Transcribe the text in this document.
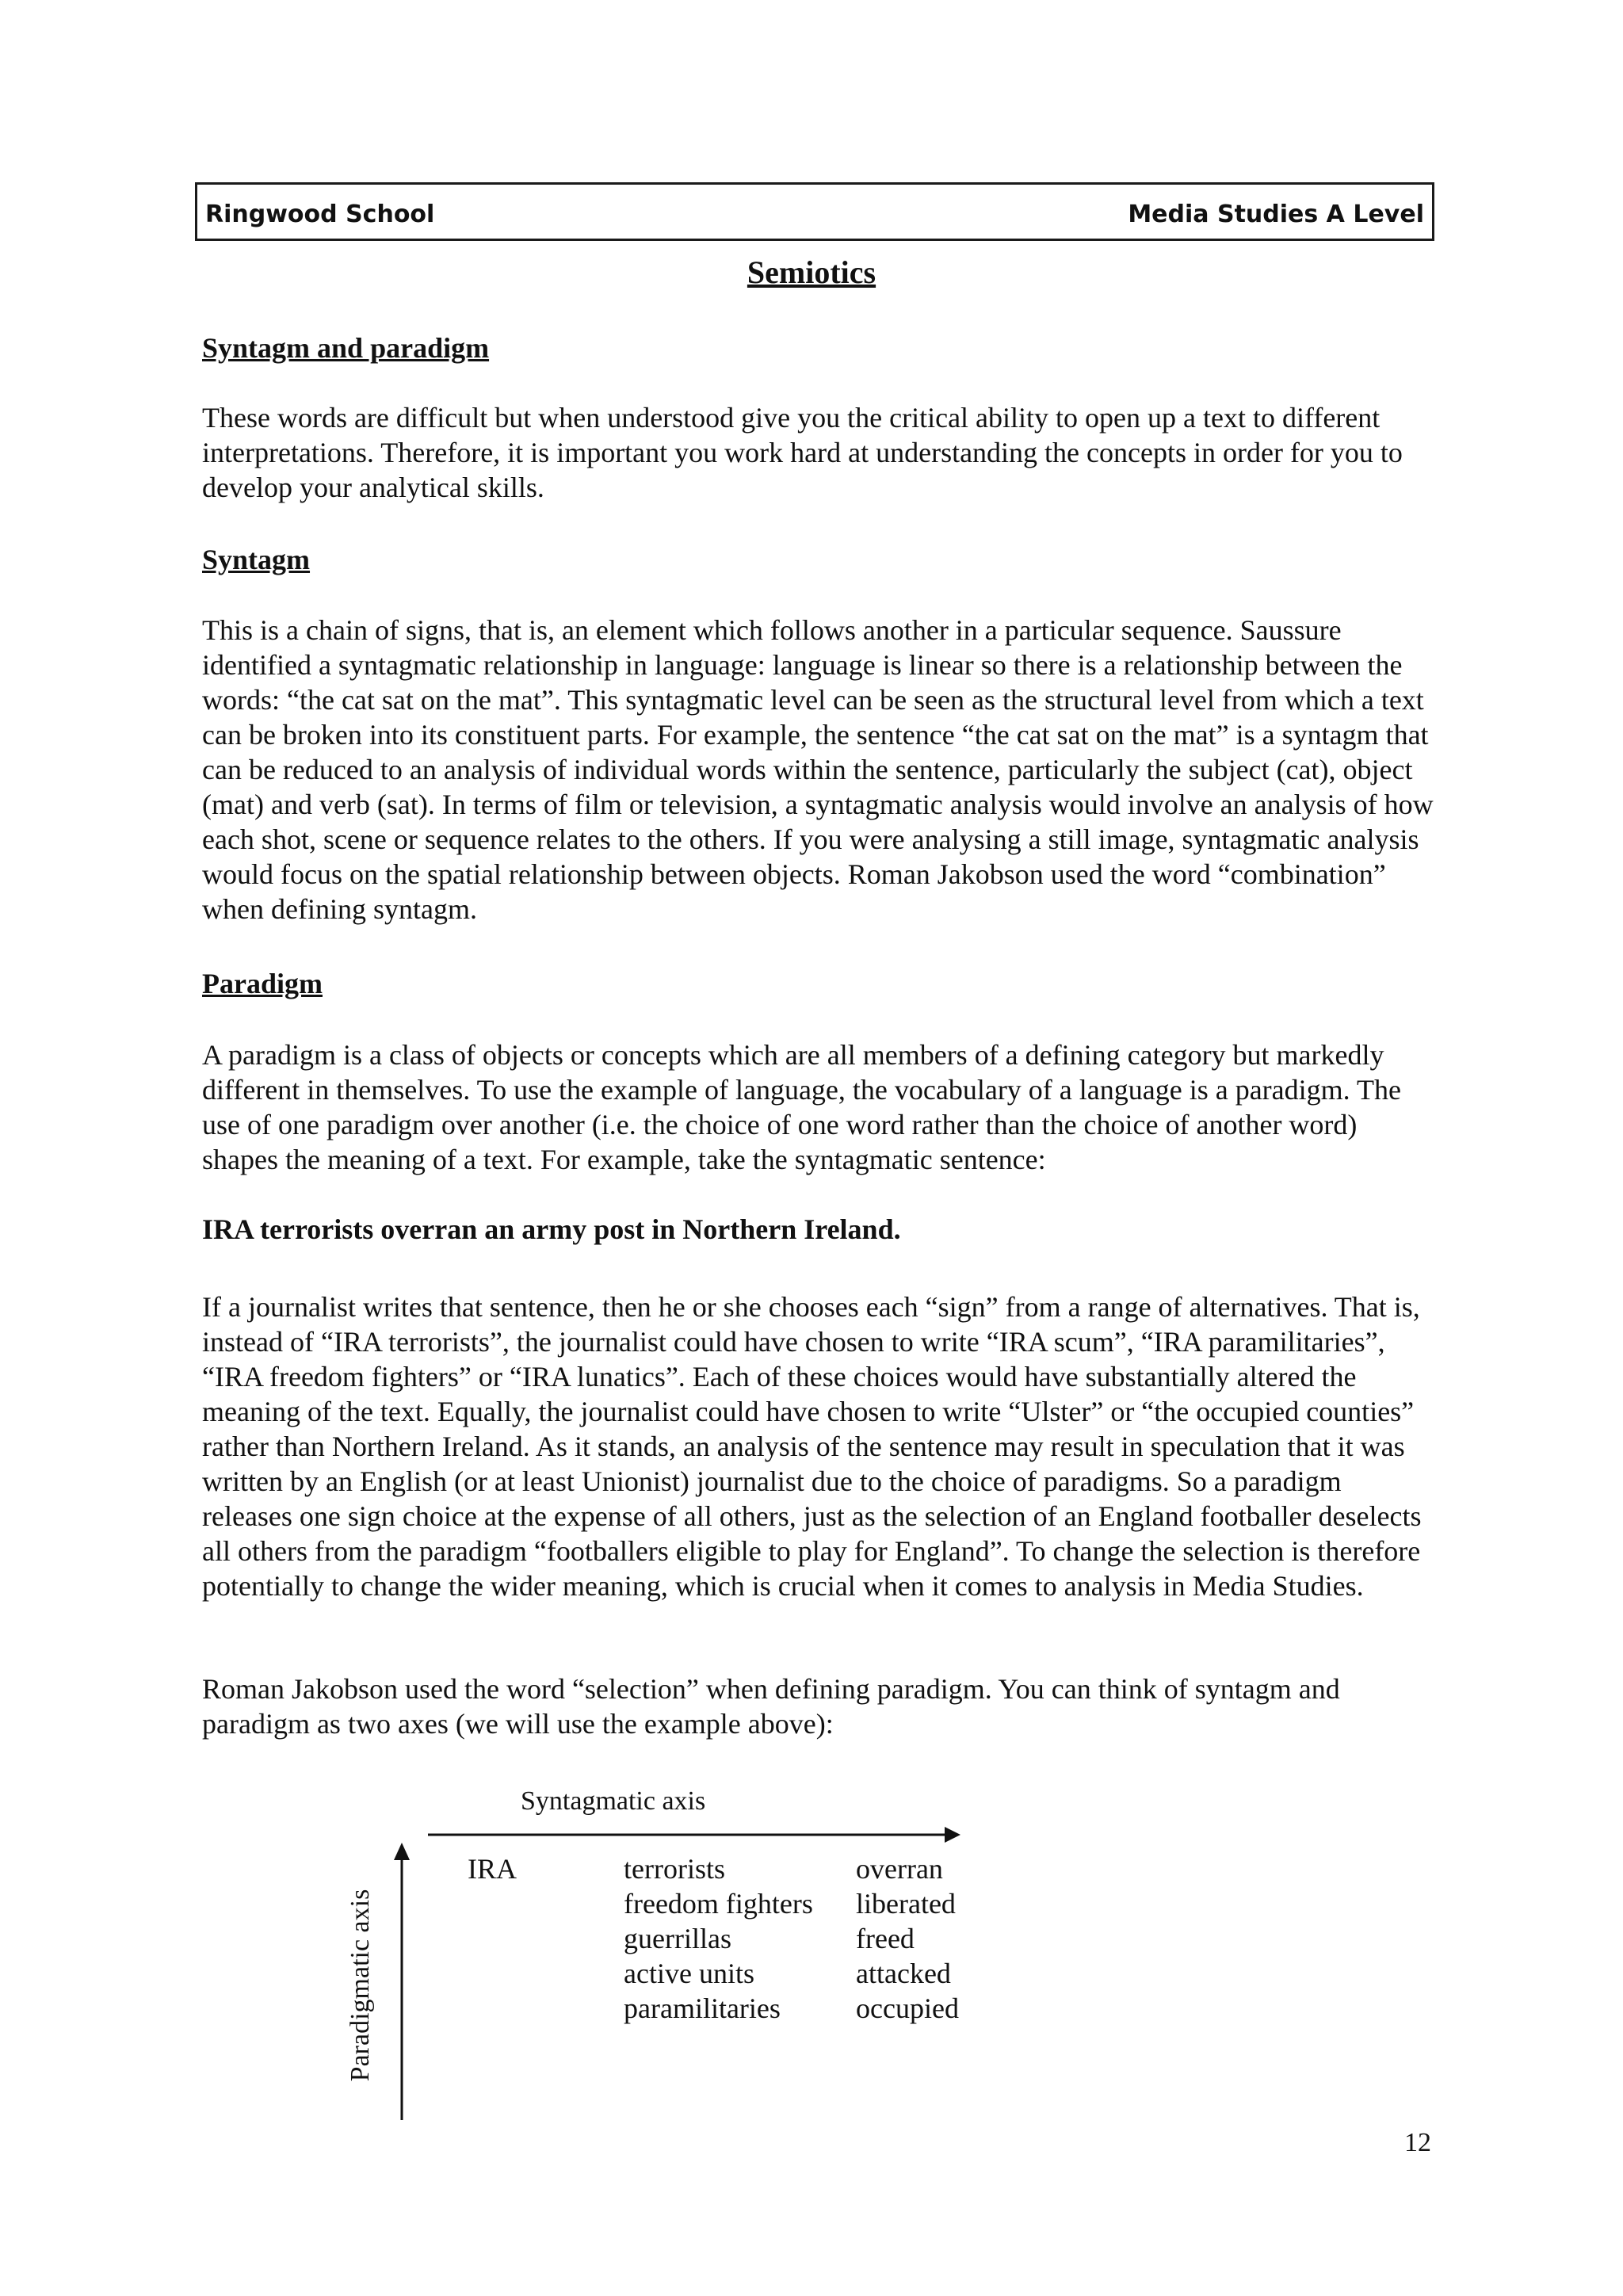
Ringwood School	Media Studies A Level
Semiotics
Syntagm and paradigm

These words are difficult but when understood give you the critical ability to open up a text to different interpretations. Therefore, it is important you work hard at understanding the concepts in order for you to develop your analytical skills.

Syntagm

This is a chain of signs, that is, an element which follows another in a particular sequence. Saussure identified a syntagmatic relationship in language: language is linear so there is a relationship between the words: “the cat sat on the mat”. This syntagmatic level can be seen as the structural level from which a text can be broken into its constituent parts. For example, the sentence “the cat sat on the mat” is a syntagm that can be reduced to an analysis of individual words within the sentence, particularly the subject (cat), object (mat) and verb (sat). In terms of film or television, a syntagmatic analysis would involve an analysis of how each shot, scene or sequence relates to the others. If you were analysing a still image, syntagmatic analysis would focus on the spatial relationship between objects. Roman Jakobson used the word “combination” when defining syntagm.

Paradigm

A paradigm is a class of objects or concepts which are all members of a defining category but markedly different in themselves. To use the example of language, the vocabulary of a language is a paradigm. The use of one paradigm over another (i.e. the choice of one word rather than the choice of another word) shapes the meaning of a text. For example, take the syntagmatic sentence:

IRA terrorists overran an army post in Northern Ireland.

If a journalist writes that sentence, then he or she chooses each “sign” from a range of alternatives. That is, instead of “IRA terrorists”, the journalist could have chosen to write “IRA scum”, “IRA paramilitaries”, “IRA freedom fighters” or “IRA lunatics”. Each of these choices would have substantially altered the meaning of the text. Equally, the journalist could have chosen to write “Ulster” or “the occupied counties” rather than Northern Ireland. As it stands, an analysis of the sentence may result in speculation that it was written by an English (or at least Unionist) journalist due to the choice of paradigms. So a paradigm releases one sign choice at the expense of all others, just as the selection of an England footballer deselects all others from the paradigm “footballers eligible to play for England”. To change the selection is therefore potentially to change the wider meaning, which is crucial when it comes to analysis in Media Studies.

Roman Jakobson used the word “selection” when defining paradigm. You can think of syntagm and paradigm as two axes (we will use the example above):

Syntagmatic axis
Paradigmatic axis
IRA	terrorists
freedom fighters
guerrillas
active units
paramilitaries
overran
liberated
freed
attacked
occupied
12
